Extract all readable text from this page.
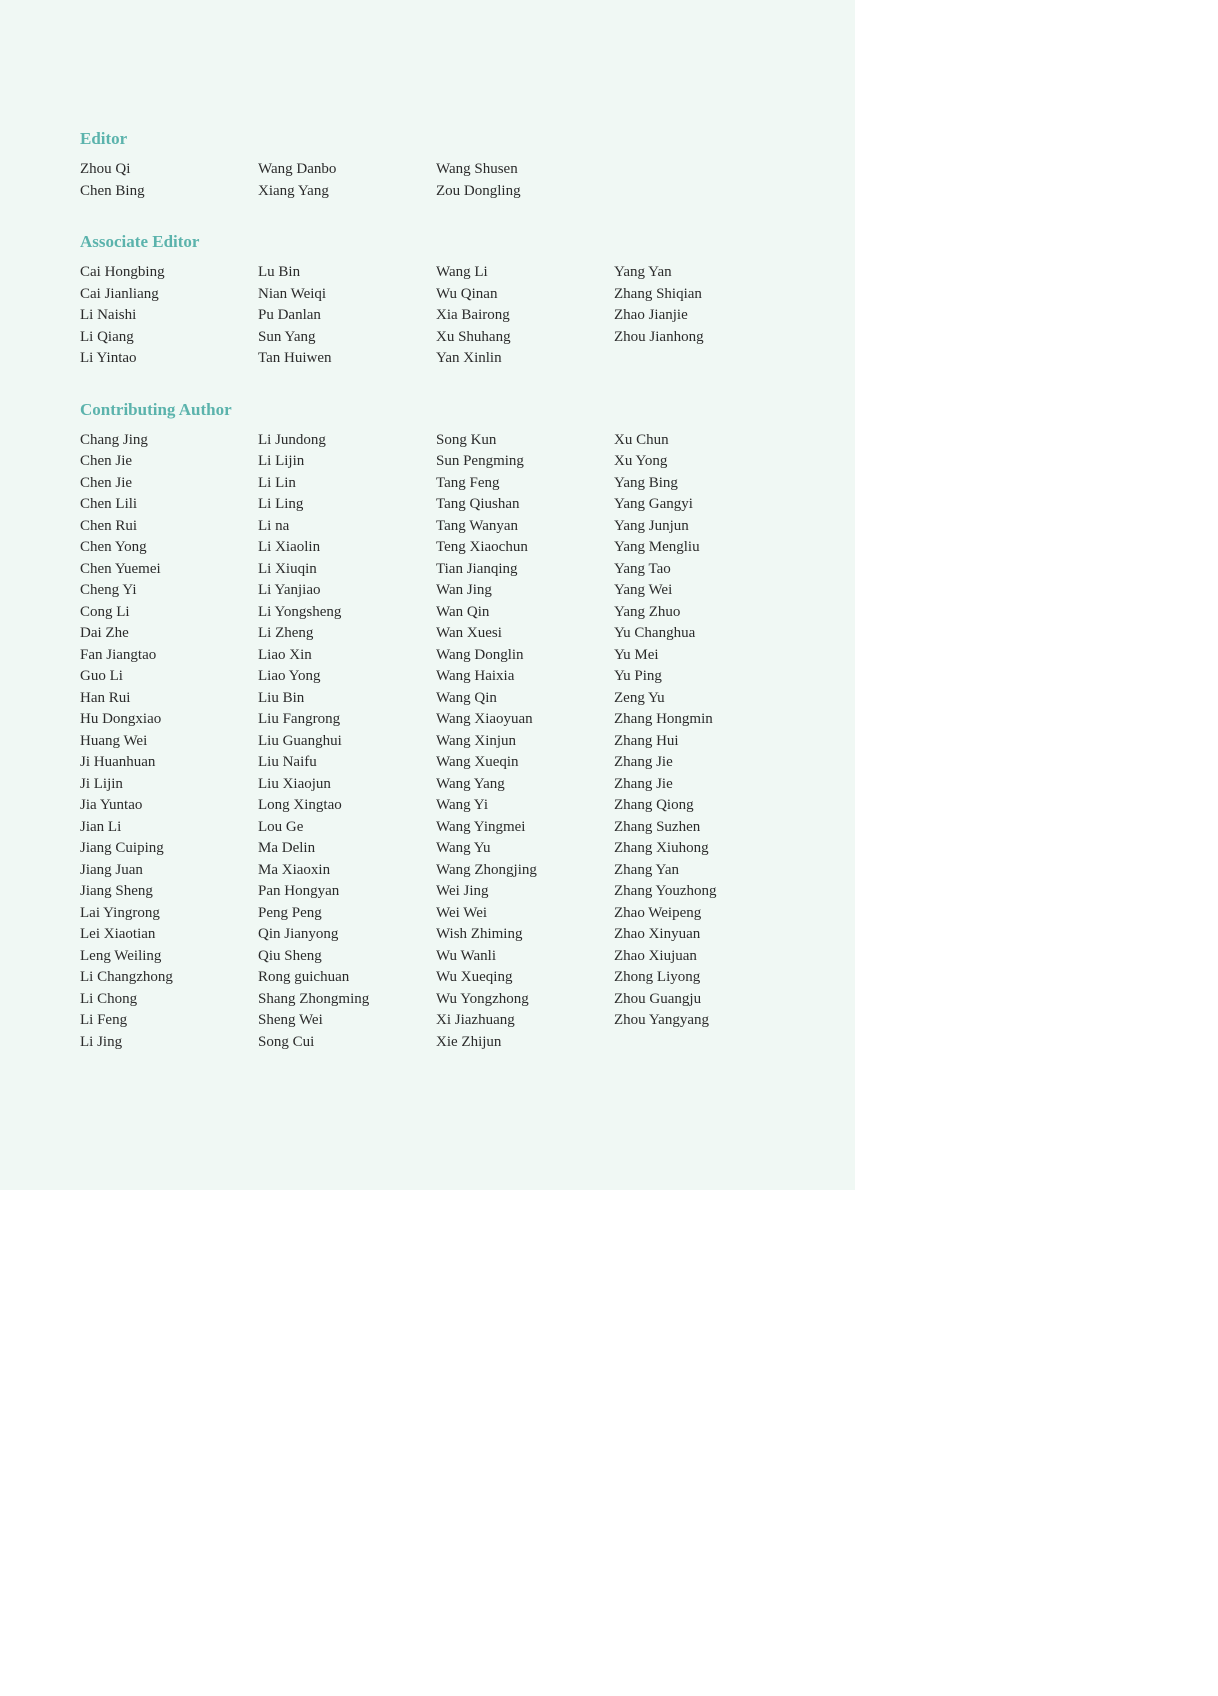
Editor
Zhou Qi
Chen Bing
Wang Danbo
Xiang Yang
Wang Shusen
Zou Dongling
Associate Editor
Cai Hongbing
Cai Jianliang
Li Naishi
Li Qiang
Li Yintao
Lu Bin
Nian Weiqi
Pu Danlan
Sun Yang
Tan Huiwen
Wang Li
Wu Qinan
Xia Bairong
Xu Shuhang
Yan Xinlin
Yang Yan
Zhang Shiqian
Zhao Jianjie
Zhou Jianhong
Contributing Author
Chang Jing
Chen Jie
Chen Jie
Chen Lili
Chen Rui
Chen Yong
Chen Yuemei
Cheng Yi
Cong Li
Dai Zhe
Fan Jiangtao
Guo Li
Han Rui
Hu Dongxiao
Huang Wei
Ji Huanhuan
Ji Lijin
Jia Yuntao
Jian Li
Jiang Cuiping
Jiang Juan
Jiang Sheng
Lai Yingrong
Lei Xiaotian
Leng Weiling
Li Changzhong
Li Chong
Li Feng
Li Jing
Li Jundong
Li Lijin
Li Lin
Li Ling
Li na
Li Xiaolin
Li Xiuqin
Li Yanjiao
Li Yongsheng
Li Zheng
Liao Xin
Liao Yong
Liu Bin
Liu Fangrong
Liu Guanghui
Liu Naifu
Liu Xiaojun
Long Xingtao
Lou Ge
Ma Delin
Ma Xiaoxin
Pan Hongyan
Peng Peng
Qin Jianyong
Qiu Sheng
Rong guichuan
Shang Zhongming
Sheng Wei
Song Cui
Song Kun
Sun Pengming
Tang Feng
Tang Qiushan
Tang Wanyan
Teng Xiaochun
Tian Jianqing
Wan Jing
Wan Qin
Wan Xuesi
Wang Donglin
Wang Haixia
Wang Qin
Wang Xiaoyuan
Wang Xinjun
Wang Xueqin
Wang Yang
Wang Yi
Wang Yingmei
Wang Yu
Wang Zhongjing
Wei Jing
Wei Wei
Wish Zhiming
Wu Wanli
Wu Xueqing
Wu Yongzhong
Xi Jiazhuang
Xie Zhijun
Xu Chun
Xu Yong
Yang Bing
Yang Gangyi
Yang Junjun
Yang Mengliu
Yang Tao
Yang Wei
Yang Zhuo
Yu Changhua
Yu Mei
Yu Ping
Zeng Yu
Zhang Hongmin
Zhang Hui
Zhang Jie
Zhang Jie
Zhang Qiong
Zhang Suzhen
Zhang Xiuhong
Zhang Yan
Zhang Youzhong
Zhao Weipeng
Zhao Xinyuan
Zhao Xiujuan
Zhong Liyong
Zhou Guangju
Zhou Yangyang
